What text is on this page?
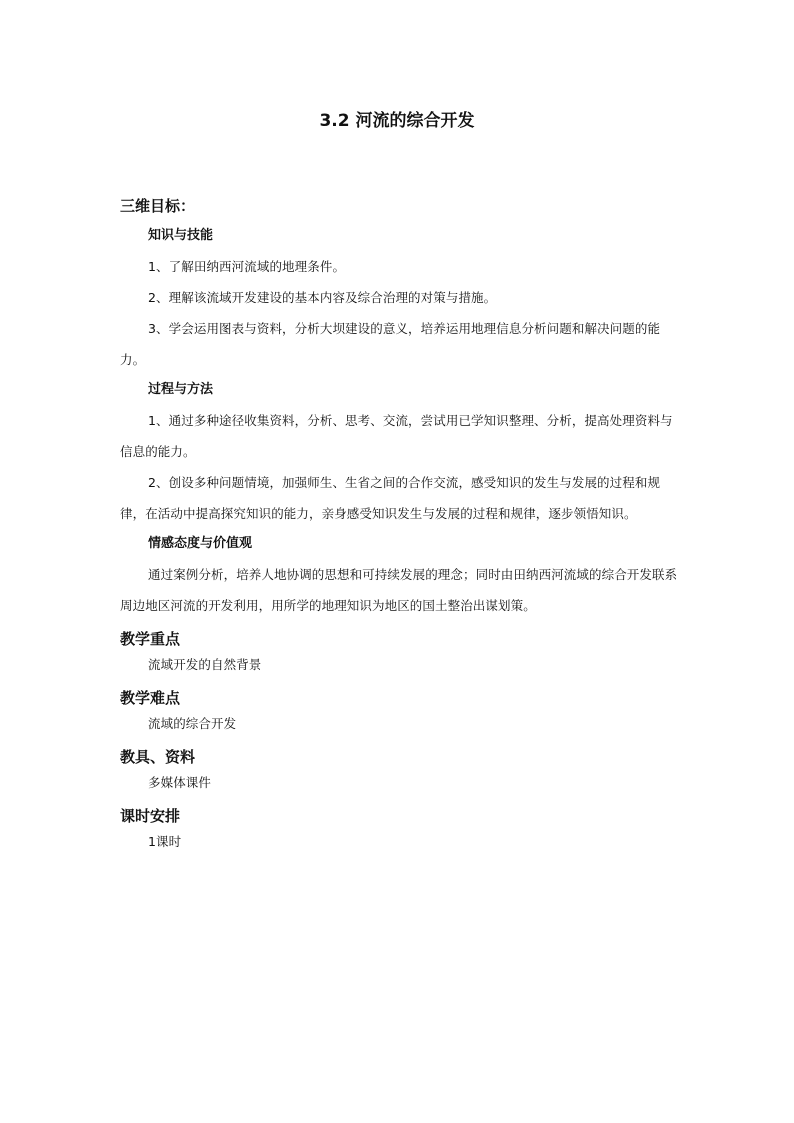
3.2 河流的综合开发
三维目标：
知识与技能

1、了解田纳西河流域的地理条件。

2、理解该流域开发建设的基本内容及综合治理的对策与措施。

3、学会运用图表与资料，分析大坝建设的意义，培养运用地理信息分析问题和解决问题的能力。

过程与方法

1、通过多种途径收集资料，分析、思考、交流，尝试用已学知识整理、分析，提高处理资料与信息的能力。

2、创设多种问题情境，加强师生、生省之间的合作交流，感受知识的发生与发展的过程和规律，在活动中提高探究知识的能力，亲身感受知识发生与发展的过程和规律，逐步领悟知识。

情感态度与价值观

通过案例分析，培养人地协调的思想和可持续发展的理念；同时由田纳西河流域的综合开发联系周边地区河流的开发利用，用所学的地理知识为地区的国土整治出谋划策。

教学重点

流域开发的自然背景

教学难点

流域的综合开发

教具、资料

多媒体课件

课时安排

1课时
